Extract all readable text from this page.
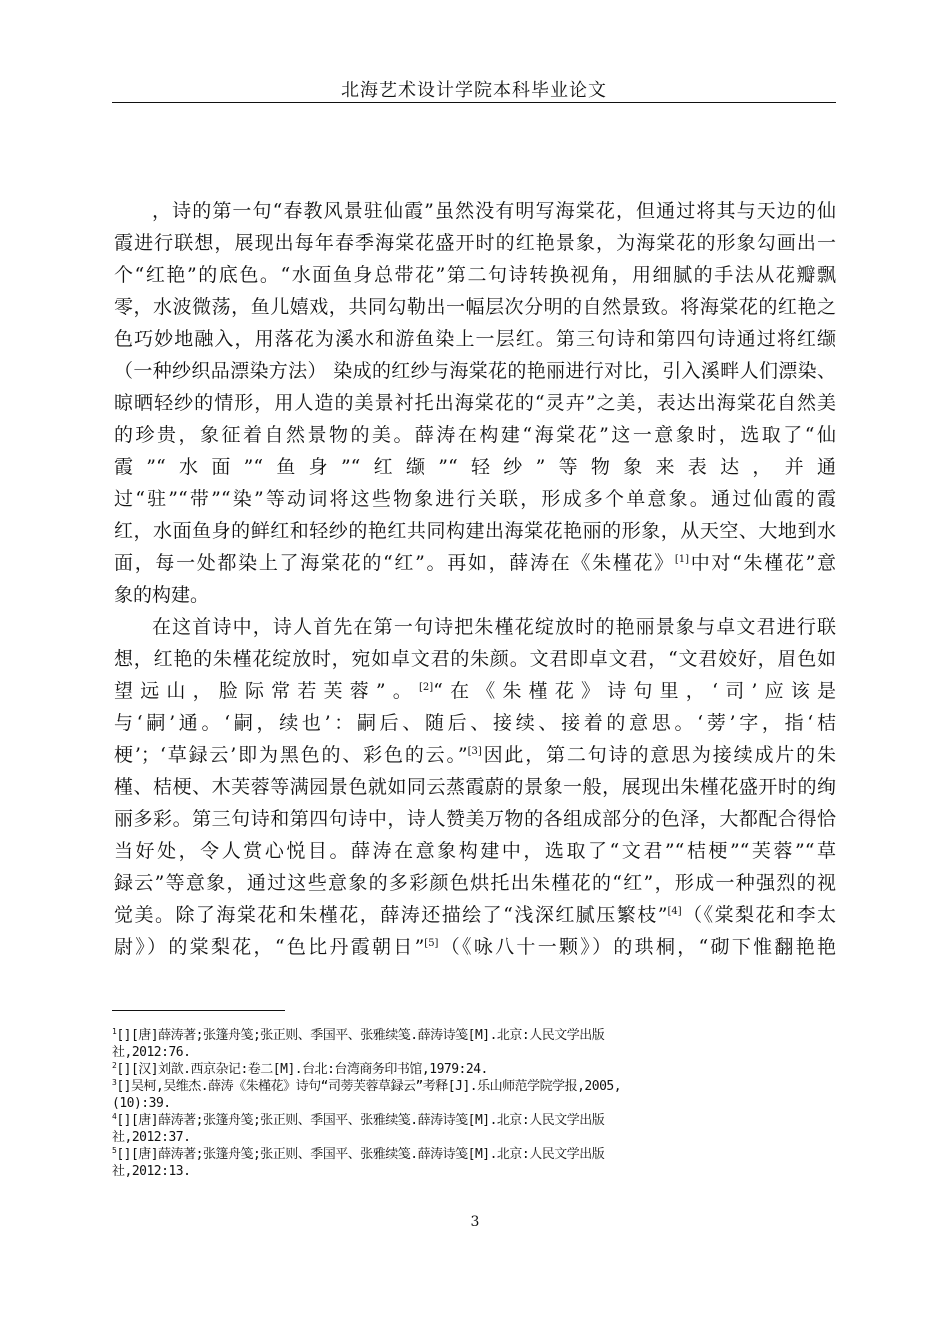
北海艺术设计学院本科毕业论文
，诗的第一句“春教风景驻仙霞”虽然没有明写海棠花，但通过将其与天边的仙
霞进行联想，展现出每年春季海棠花盛开时的红艳景象，为海棠花的形象勾画出一
个“红艳”的底色。“水面鱼身总带花”第二句诗转换视角，用细腻的手法从花瓣飘
零，水波微荡，鱼儿嬉戏，共同勾勒出一幅层次分明的自然景致。将海棠花的红艳之
色巧妙地融入，用落花为溪水和游鱼染上一层红。第三句诗和第四句诗通过将红缬
（一种纱织品漂染方法） 染成的红纱与海棠花的艳丽进行对比，引入溪畔人们漂染、
晾晒轻纱的情形，用人造的美景衬托出海棠花的“灵卉”之美，表达出海棠花自然美
的珍贵，象征着自然景物的美。薛涛在构建“海棠花”这一意象时，选取了“仙
霞”“水面”“鱼身”“红缬”“轻纱”等物象来表达，并通
过“驻”“带”“染”等动词将这些物象进行关联，形成多个单意象。通过仙霞的霞
红，水面鱼身的鲜红和轻纱的艳红共同构建出海棠花艳丽的形象，从天空、大地到水
面，每一处都染上了海棠花的“红”。再如，薛涛在《朱槿花》[1]中对“朱槿花”意
象的构建。
在这首诗中，诗人首先在第一句诗把朱槿花绽放时的艳丽景象与卓文君进行联
想，红艳的朱槿花绽放时，宛如卓文君的朱颜。文君即卓文君，“文君姣好，眉色如
望远山，脸际常若芙蓉”。[2]“在《朱槿花》诗句里，‘司’应该是
与‘嗣’通。‘嗣，续也’：嗣后、随后、接续、接着的意思。‘蒡’字，指‘桔
梗’；‘草録云’即为黑色的、彩色的云。”[3]因此，第二句诗的意思为接续成片的朱
槿、桔梗、木芙蓉等满园景色就如同云蒸霞蔚的景象一般，展现出朱槿花盛开时的绚
丽多彩。第三句诗和第四句诗中，诗人赞美万物的各组成部分的色泽，大都配合得恰
当好处，令人赏心悦目。薛涛在意象构建中，选取了“文君”“桔梗”“芙蓉”“草
録云”等意象，通过这些意象的多彩颜色烘托出朱槿花的“红”，形成一种强烈的视
觉美。除了海棠花和朱槿花，薛涛还描绘了“浅深红腻压繁枝”[4]（《棠梨花和李太
尉》）的棠梨花，“色比丹霞朝日”[5]（《咏八十一颗》）的珙桐，“砌下惟翻艳艳
$^1$[][唐]薛涛著;张篷舟笺;张正则、季国平、张雅续笺.薛涛诗笺[M].北京:人民文学出版
社,2012:76.
$^2$[][汉]刘歆.西京杂记:卷二[M].台北:台湾商务印书馆,1979:24.
$^3$[]吴柯,吴维杰.薛涛《朱槿花》诗句“司蒡芙蓉草録云”考释[J].乐山师范学院学报,2005,
(10):39.
$^4$[][唐]薛涛著;张篷舟笺;张正则、季国平、张雅续笺.薛涛诗笺[M].北京:人民文学出版
社,2012:37.
$^5$[][唐]薛涛著;张篷舟笺;张正则、季国平、张雅续笺.薛涛诗笺[M].北京:人民文学出版
社,2012:13.
3
